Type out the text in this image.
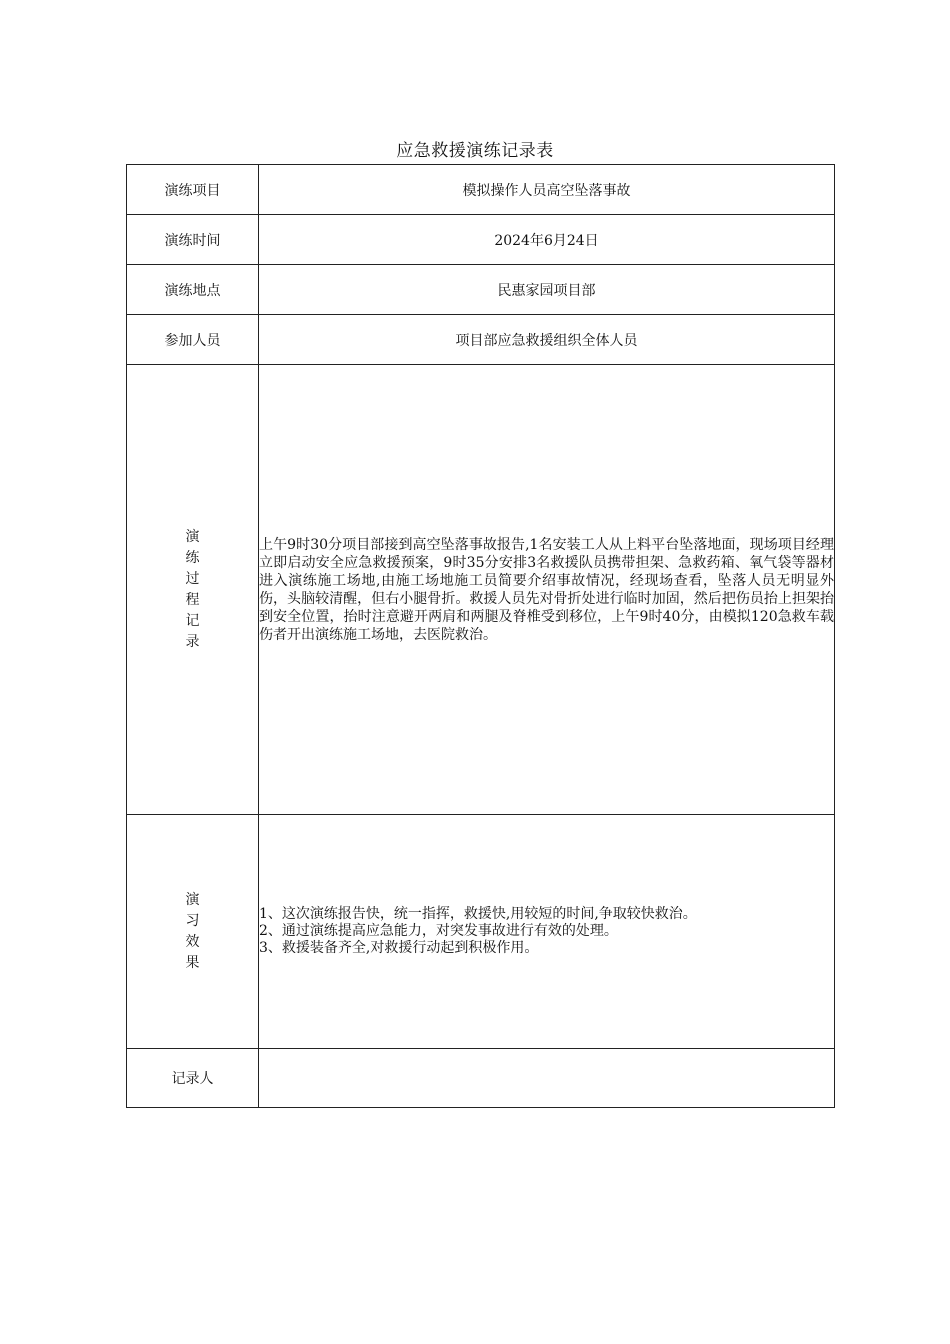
应急救援演练记录表
演练项目	模拟操作人员高空坠落事故
演练时间	2024年6月24日
演练地点	民惠家园项目部
参加人员	项目部应急救援组织全体人员
演练过程记录	上午9时30分项目部接到高空坠落事故报告,1名安装工人从上料平台坠落地面，现场项目经理立即启动安全应急救援预案，9时35分安排3名救援队员携带担架、急救药箱、氧气袋等器材进入演练施工场地,由施工场地施工员简要介绍事故情况，经现场查看，坠落人员无明显外伤，头脑较清醒，但右小腿骨折。救援人员先对骨折处进行临时加固，然后把伤员抬上担架抬到安全位置，抬时注意避开两肩和两腿及脊椎受到移位，上午9时40分，由模拟120急救车载伤者开出演练施工场地，去医院救治。
演习效果	1、这次演练报告快，统一指挥，救援快,用较短的时间,争取较快救治。
2、通过演练提高应急能力，对突发事故进行有效的处理。
3、救援装备齐全,对救援行动起到积极作用。

记录人	
